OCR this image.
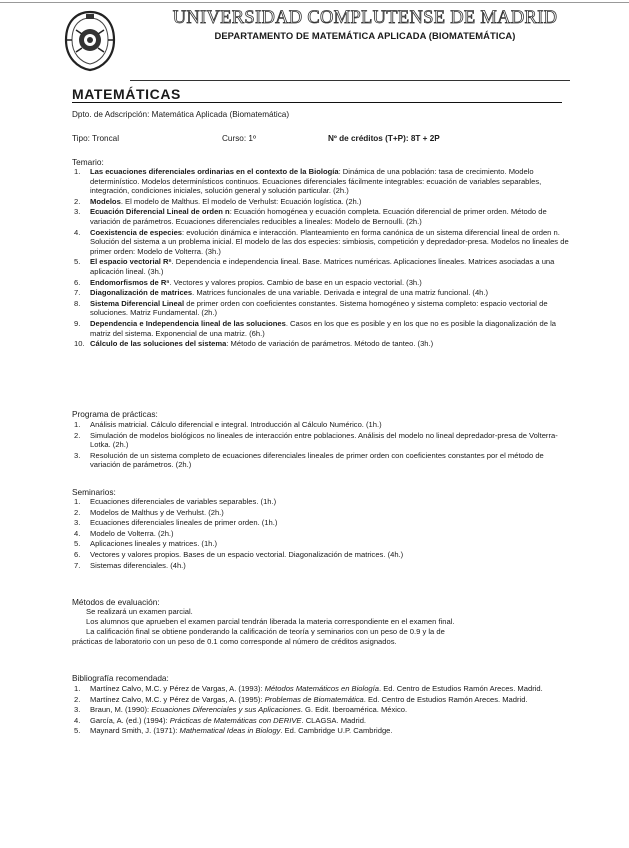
UNIVERSIDAD COMPLUTENSE DE MADRID
DEPARTAMENTO DE MATEMÁTICA APLICADA (BIOMATEMÁTICA)
MATEMÁTICAS
Dpto. de Adscripción: Matemática Aplicada (Biomatemática)
Tipo: Troncal	Curso: 1º	Nº de créditos (T+P): 8T + 2P
Temario:
1.	Las ecuaciones diferenciales ordinarias en el contexto de la Biología: Dinámica de una población: tasa de crecimiento. Modelo determinístico. Modelos determinísticos continuos. Ecuaciones diferenciales fácilmente integrables: ecuación de variables separables, integración, condiciones iniciales, solución general y solución particular. (2h.)
2.	Modelos. El modelo de Malthus. El modelo de Verhulst: Ecuación logística. (2h.)
3.	Ecuación Diferencial Lineal de orden n: Ecuación homogénea y ecuación completa. Ecuación diferencial de primer orden. Método de variación de parámetros. Ecuaciones diferenciales reducibles a lineales: Modelo de Bernoulli. (2h.)
4.	Coexistencia de especies: evolución dinámica e interacción. Planteamiento en forma canónica de un sistema diferencial lineal de orden n. Solución del sistema a un problema inicial. El modelo de las dos especies: simbiosis, competición y depredador-presa. Modelos no lineales de primer orden: Modelo de Volterra. (3h.)
5.	El espacio vectorial Rⁿ. Dependencia e independencia lineal. Base. Matrices numéricas. Aplicaciones lineales. Matrices asociadas a una aplicación lineal. (3h.)
6.	Endomorfismos de Rⁿ. Vectores y valores propios. Cambio de base en un espacio vectorial. (3h.)
7.	Diagonalización de matrices. Matrices funcionales de una variable. Derivada e integral de una matriz funcional. (4h.)
8.	Sistema Diferencial Lineal de primer orden con coeficientes constantes. Sistema homogéneo y sistema completo: espacio vectorial de soluciones. Matriz Fundamental. (2h.)
9.	Dependencia e Independencia lineal de las soluciones. Casos en los que es posible y en los que no es posible la diagonalización de la matriz del sistema. Exponencial de una matriz. (6h.)
10. Cálculo de las soluciones del sistema: Método de variación de parámetros. Método de tanteo. (3h.)
Programa de prácticas:
1.	Análisis matricial. Cálculo diferencial e integral. Introducción al Cálculo Numérico. (1h.)
2.	Simulación de modelos biológicos no lineales de interacción entre poblaciones. Análisis del modelo no lineal depredador-presa de Volterra-Lotka. (2h.)
3.	Resolución de un sistema completo de ecuaciones diferenciales lineales de primer orden con coeficientes constantes por el método de variación de parámetros. (2h.)
Seminarios:
1.	Ecuaciones diferenciales de variables separables. (1h.)
2.	Modelos de Malthus y de Verhulst. (2h.)
3.	Ecuaciones diferenciales lineales de primer orden. (1h.)
4.	Modelo de Volterra. (2h.)
5.	Aplicaciones lineales y matrices. (1h.)
6.	Vectores y valores propios. Bases de un espacio vectorial. Diagonalización de matrices. (4h.)
7.	Sistemas diferenciales. (4h.)
Métodos de evaluación:

Se realizará un examen parcial.

Los alumnos que aprueben el examen parcial tendrán liberada la materia correspondiente en el examen final.

La calificación final se obtiene ponderando la calificación de teoría y seminarios con un peso de 0.9 y la de

prácticas de laboratorio con un peso de 0.1 como corresponde al número de créditos asignados.

Bibliografía recomendada:
1.	Martínez Calvo, M.C. y Pérez de Vargas, A. (1993): Métodos Matemáticos en Biología. Ed. Centro de Estudios Ramón Areces. Madrid.
2.	Martínez Calvo, M.C. y Pérez de Vargas, A. (1995): Problemas de Biomatemática. Ed. Centro de Estudios Ramón Areces. Madrid.
3.	Braun, M. (1990): Ecuaciones Diferenciales y sus Aplicaciones. G. Edit. Iberoamérica. México.
4.	García, A. (ed.) (1994): Prácticas de Matemáticas con DERIVE. CLAGSA. Madrid.
5.	Maynard Smith, J. (1971): Mathematical Ideas in Biology. Ed. Cambridge U.P. Cambridge.
